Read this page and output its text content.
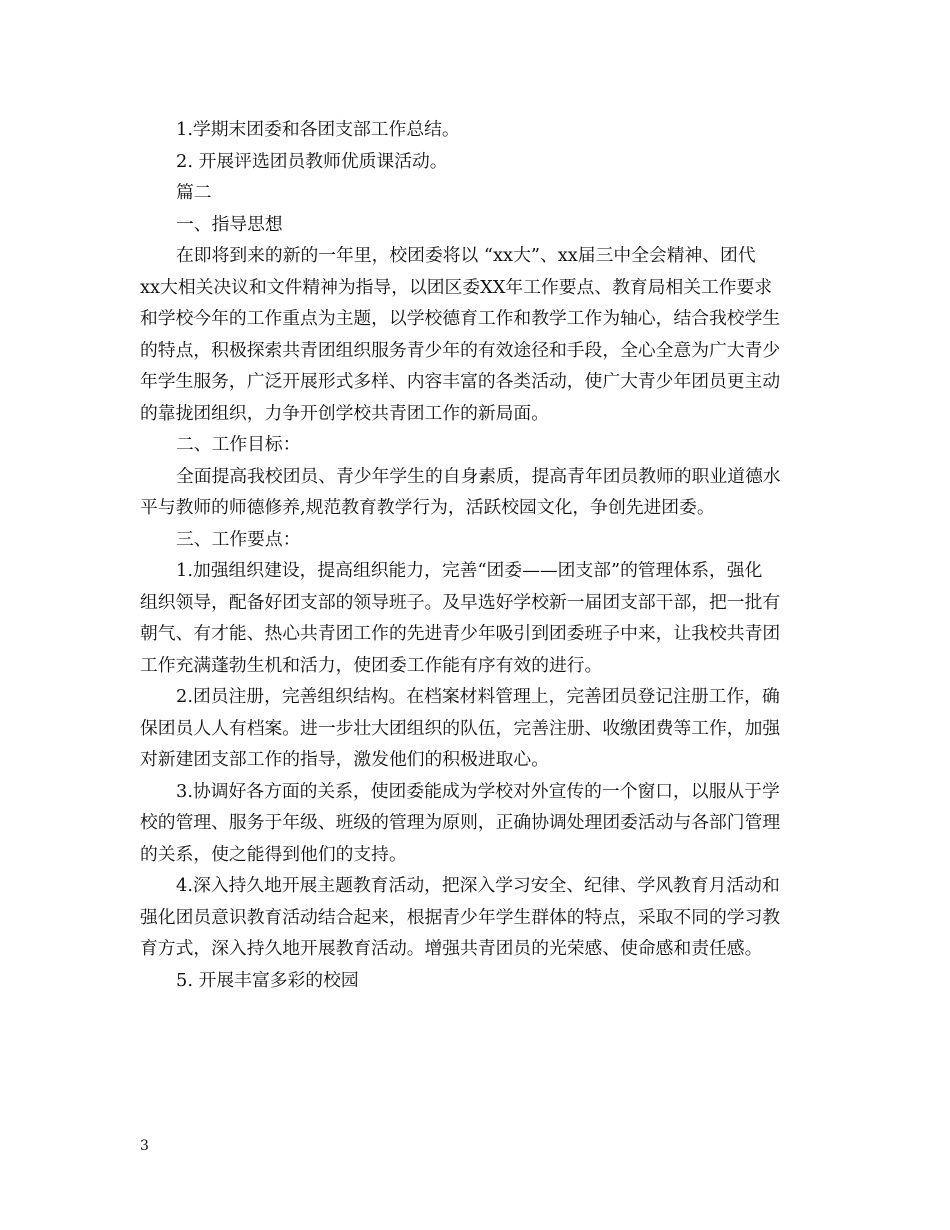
1.学期末团委和各团支部工作总结。
2. 开展评选团员教师优质课活动。
篇二
一、指导思想
在即将到来的新的一年里，校团委将以 “xx大”、xx届三中全会精神、团代
xx大相关决议和文件精神为指导，以团区委XX年工作要点、教育局相关工作要求
和学校今年的工作重点为主题，以学校德育工作和教学工作为轴心，结合我校学生
的特点，积极探索共青团组织服务青少年的有效途径和手段，全心全意为广大青少
年学生服务，广泛开展形式多样、内容丰富的各类活动，使广大青少年团员更主动
的靠拢团组织，力争开创学校共青团工作的新局面。
二、工作目标：
全面提高我校团员、青少年学生的自身素质，提高青年团员教师的职业道德水
平与教师的师德修养,规范教育教学行为，活跃校园文化，争创先进团委。
三、工作要点：
1.加强组织建设，提高组织能力，完善“团委——团支部”的管理体系，强化
组织领导，配备好团支部的领导班子。及早选好学校新一届团支部干部，把一批有
朝气、有才能、热心共青团工作的先进青少年吸引到团委班子中来，让我校共青团
工作充满蓬勃生机和活力，使团委工作能有序有效的进行。
2.团员注册，完善组织结构。在档案材料管理上，完善团员登记注册工作，确
保团员人人有档案。进一步壮大团组织的队伍，完善注册、收缴团费等工作，加强
对新建团支部工作的指导，激发他们的积极进取心。
3.协调好各方面的关系，使团委能成为学校对外宣传的一个窗口，以服从于学
校的管理、服务于年级、班级的管理为原则，正确协调处理团委活动与各部门管理
的关系，使之能得到他们的支持。
4.深入持久地开展主题教育活动，把深入学习安全、纪律、学风教育月活动和
强化团员意识教育活动结合起来，根据青少年学生群体的特点，采取不同的学习教
育方式，深入持久地开展教育活动。增强共青团员的光荣感、使命感和责任感。
5. 开展丰富多彩的校园
3
